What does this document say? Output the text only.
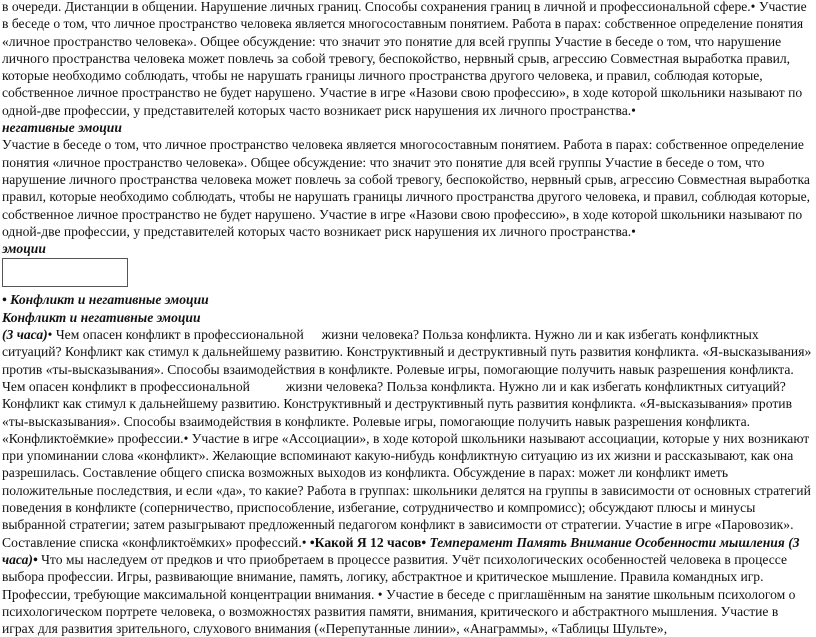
в очереди. Дистанции в общении. Нарушение личных границ. Способы сохранения границ в личной и профессиональной сфере.• Участие в беседе о том, что личное пространство человека является многосоставным понятием. Работа в парах: собственное определение понятия «личное пространство человека». Общее обсуждение: что значит это понятие для всей группы Участие в беседе о том, что нарушение личного пространства человека может повлечь за собой тревогу, беспокойство, нервный срыв, агрессию Совместная выработка правил, которые необходимо соблюдать, чтобы не нарушать границы личного пространства другого человека, и правил, соблюдая которые, собственное личное пространство не будет нарушено. Участие в игре «Назови свою профессию», в ходе которой школьники называют по одной-две профессии, у представителей которых часто возникает риск нарушения их личного пространства.•

негативные эмоции

Участие в беседе о том, что личное пространство человека является многосоставным понятием. Работа в парах: собственное определение понятия «личное пространство человека». Общее обсуждение: что значит это понятие для всей группы Участие в беседе о том, что нарушение личного пространства человека может повлечь за собой тревогу, беспокойство, нервный срыв, агрессию Совместная выработка правил, которые необходимо соблюдать, чтобы не нарушать границы личного пространства другого человека, и правил, соблюдая которые, собственное личное пространство не будет нарушено. Участие в игре «Назови свою профессию», в ходе которой школьники называют по одной-две профессии, у представителей которых часто возникает риск нарушения их личного пространства.•

эмоции

• Конфликт и негативные эмоции

Конфликт и негативные эмоции

(3 часа)• Чем опасен конфликт в профессиональной жизни человека? Польза конфликта. Нужно ли и как избегать конфликтных ситуаций? Конфликт как стимул к дальнейшему развитию. Конструктивный и деструктивный путь развития конфликта. «Я-высказывания» против «ты-высказывания». Способы взаимодействия в конфликте. Ролевые игры, помогающие получить навык разрешения конфликта.

Чем опасен конфликт в профессиональной	жизни человека? Польза конфликта. Нужно ли и как избегать конфликтных ситуаций? Конфликт как стимул к дальнейшему развитию. Конструктивный и деструктивный путь развития конфликта. «Я-высказывания» против «ты-высказывания». Способы взаимодействия в конфликте. Ролевые игры, помогающие получить навык разрешения конфликта. «Конфликтоёмкие» профессии.• Участие в игре «Ассоциации», в ходе которой школьники называют ассоциации, которые у них возникают при упоминании слова «конфликт». Желающие вспоминают какую-нибудь конфликтную ситуацию из их жизни и рассказывают, как она разрешилась. Составление общего списка возможных выходов из конфликта. Обсуждение в парах: может ли конфликт иметь положительные последствия, и если «да», то какие? Работа в группах: школьники делятся на группы в зависимости от основных стратегий поведения в конфликте (соперничество, приспособление, избегание, сотрудничество и компромисс); обсуждают плюсы и минусы выбранной стратегии; затем разыгрывают предложенный педагогом конфликт в зависимости от стратегии. Участие в игре «Паровозик». Составление списка «конфликтоёмких» профессий.• •Какой Я 12 часов• Темперамент Память Внимание Особенности мышления (3 часа)• Что мы наследуем от предков и что приобретаем в процессе развития. Учёт психологических особенностей человека в процессе выбора профессии. Игры, развивающие внимание, память, логику, абстрактное и критическое мышление. Правила командных игр. Профессии, требующие максимальной концентрации внимания. • Участие в беседе с приглашённым на занятие школьным психологом о психологическом портрете человека, о возможностях развития памяти, внимания, критического и абстрактного мышления. Участие в играх для развития зрительного, слухового внимания («Перепутанные линии», «Анаграммы», «Таблицы Шульте»,
